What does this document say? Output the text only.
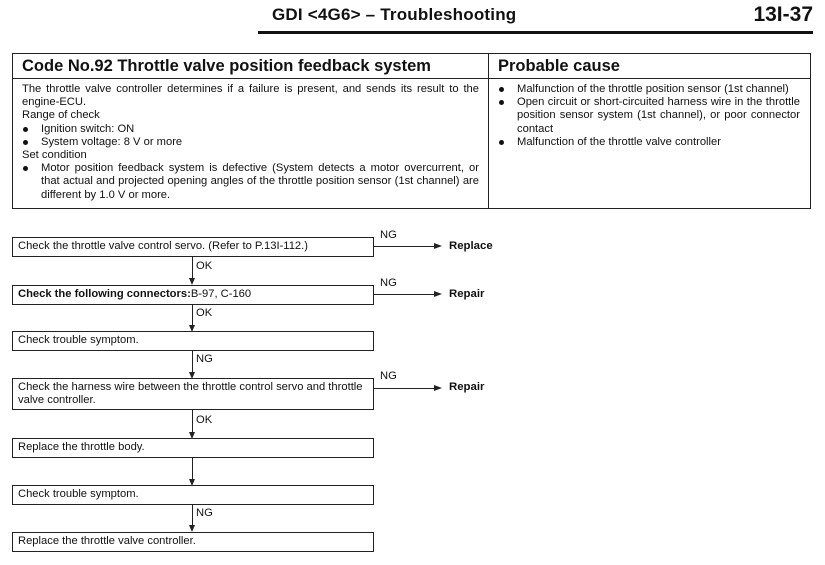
GDI <4G6> – Troubleshooting	13I-37
Code No.92 Throttle valve position feedback system

The throttle valve controller determines if a failure is present, and sends its result to the engine-ECU.

Range of check

Ignition switch: ON

System voltage: 8 V or more

Set condition

Motor position feedback system is defective (System detects a motor overcurrent, or that actual and projected opening angles of the throttle position sensor (1st channel) are different by 1.0 V or more.

Probable cause

Malfunction of the throttle position sensor (1st channel)

Open circuit or short-circuited harness wire in the throttle position sensor system (1st channel), or poor connector contact

Malfunction of the throttle valve controller

Check the throttle valve control servo. (Refer to P.13I-112.)
NG
Replace
OK
Check the following connectors:B-97, C-160
NG
Repair
OK
Check trouble symptom.
NG
Check the harness wire between the throttle control servo and throttle valve controller.
NG
Repair
OK
Replace the throttle body.
Check trouble symptom.
NG
Replace the throttle valve controller.
